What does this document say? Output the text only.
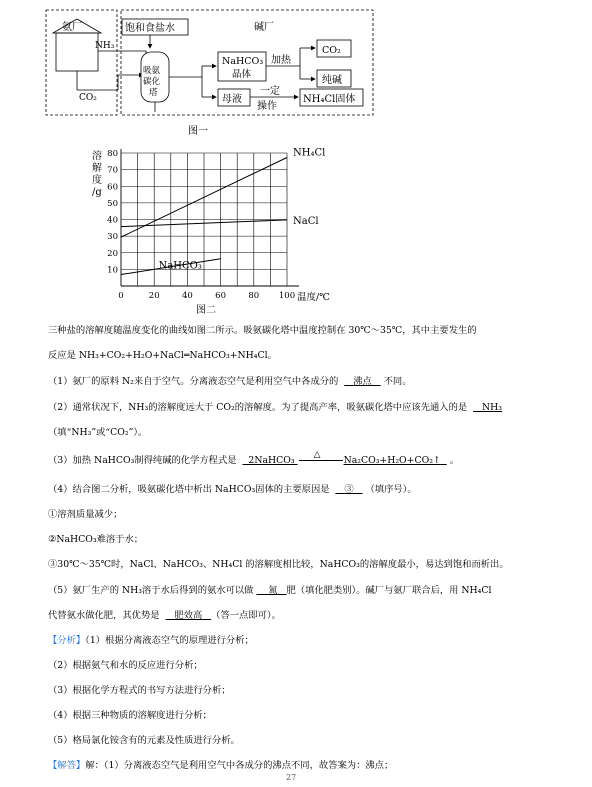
氨厂
NH₃
CO₂
饱和食盐水	碱厂
吸氨
碳化
塔
NaHCO₃
晶体
加热
CO₂
纯碱
母液
一定
操作
NH₄Cl固体
图一
0	20	40	60	80 100
10
20
30
40
50
60
70
80
溶
解
度
/g
温度/℃
NH₄Cl
NaCl
NaHCO₃
图二
三种盐的溶解度随温度变化的曲线如图二所示。吸氨碳化塔中温度控制在 30℃～35℃，其中主要发生的
反应是 NH₃+CO₂+H₂O+NaCl═NaHCO₃+NH₄Cl。
（1）氨厂的原料 N₂来自于空气。分离液态空气是利用空气中各成分的 沸点 不同。
（2）通常状况下，NH₃的溶解度远大于 CO₂的溶解度。为了提高产率，吸氨碳化塔中应该先通入的是 NH₃
（填“NH₃”或“CO₂”）。
（3）加热 NaHCO₃制得纯碱的化学方程式是 2NaHCO₃ △ Na₂CO₃+H₂O+CO₂↑ 。
（4）结合图二分析，吸氨碳化塔中析出 NaHCO₃固体的主要原因是 ③ （填序号）。
①溶剂质量减少；
②NaHCO₃难溶于水；
③30℃～35℃时，NaCl、NaHCO₃、NH₄Cl 的溶解度相比较，NaHCO₃的溶解度最小，易达到饱和而析出。
（5）氨厂生产的 NH₃溶于水后得到的氨水可以做 氮 肥（填化肥类别）。碱厂与氨厂联合后，用 NH₄Cl
代替氨水做化肥，其优势是 肥效高 （答一点即可）。
【分析】（1）根据分离液态空气的原理进行分析；
（2）根据氨气和水的反应进行分析；
（3）根据化学方程式的书写方法进行分析；
（4）根据三种物质的溶解度进行分析；
（5）格局氯化铵含有的元素及性质进行分析。
【解答】解：（1）分离液态空气是利用空气中各成分的沸点不同，故答案为：沸点；
27
